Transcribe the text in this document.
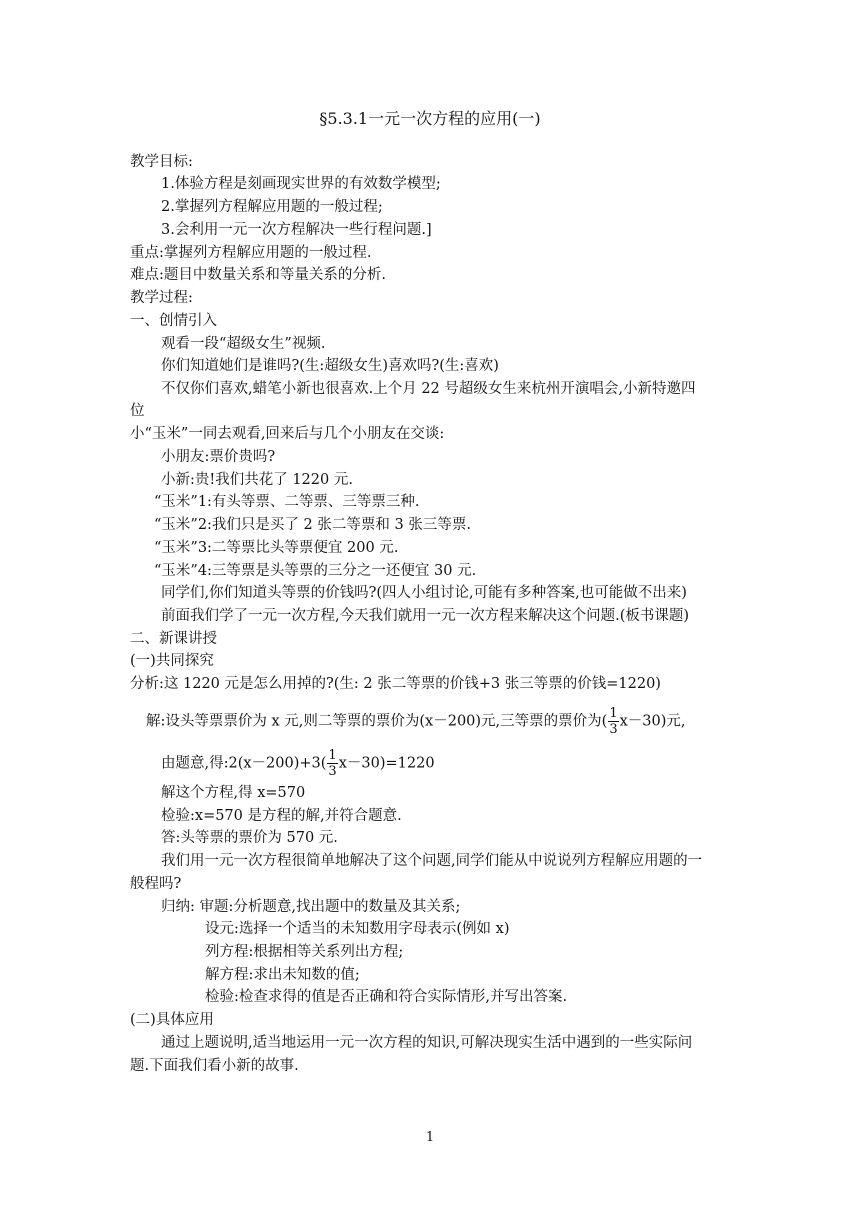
§5.3.1一元一次方程的应用(一)
教学目标:
1.体验方程是刻画现实世界的有效数学模型;
2.掌握列方程解应用题的一般过程;
3.会利用一元一次方程解决一些行程问题.]
重点:掌握列方程解应用题的一般过程.
难点:题目中数量关系和等量关系的分析.
教学过程:
一、创情引入
观看一段“超级女生”视频.
你们知道她们是谁吗?(生:超级女生)喜欢吗?(生:喜欢)
不仅你们喜欢,蜡笔小新也很喜欢.上个月 22 号超级女生来杭州开演唱会,小新特邀四
位
小“玉米”一同去观看,回来后与几个小朋友在交谈:
小朋友:票价贵吗?
小新:贵!我们共花了 1220 元.
“玉米”1:有头等票、二等票、三等票三种.
“玉米”2:我们只是买了 2 张二等票和 3 张三等票.
“玉米”3:二等票比头等票便宜 200 元.
“玉米”4:三等票是头等票的三分之一还便宜 30 元.
同学们,你们知道头等票的价钱吗?(四人小组讨论,可能有多种答案,也可能做不出来)
前面我们学了一元一次方程,今天我们就用一元一次方程来解决这个问题.(板书课题)
二、新课讲授
(一)共同探究
分析:这 1220 元是怎么用掉的?(生: 2 张二等票的价钱+3 张三等票的价钱=1220)
解:设头等票票价为 x 元,则二等票的票价为(x－200)元,三等票的票价为( $\frac{1}{3} x-30$)元,
由题意,得:2(x－200)+3( $\frac{1}{3} x-30)=1220$
解这个方程,得 x=570
检验:x=570 是方程的解,并符合题意.
答:头等票的票价为 570 元.
我们用一元一次方程很简单地解决了这个问题,同学们能从中说说列方程解应用题的一
般程吗?
归纳: 审题:分析题意,找出题中的数量及其关系;
设元:选择一个适当的未知数用字母表示(例如 x)
列方程:根据相等关系列出方程;
解方程:求出未知数的值;
检验:检查求得的值是否正确和符合实际情形,并写出答案.
(二)具体应用
通过上题说明,适当地运用一元一次方程的知识,可解决现实生活中遇到的一些实际问
题.下面我们看小新的故事.
1
